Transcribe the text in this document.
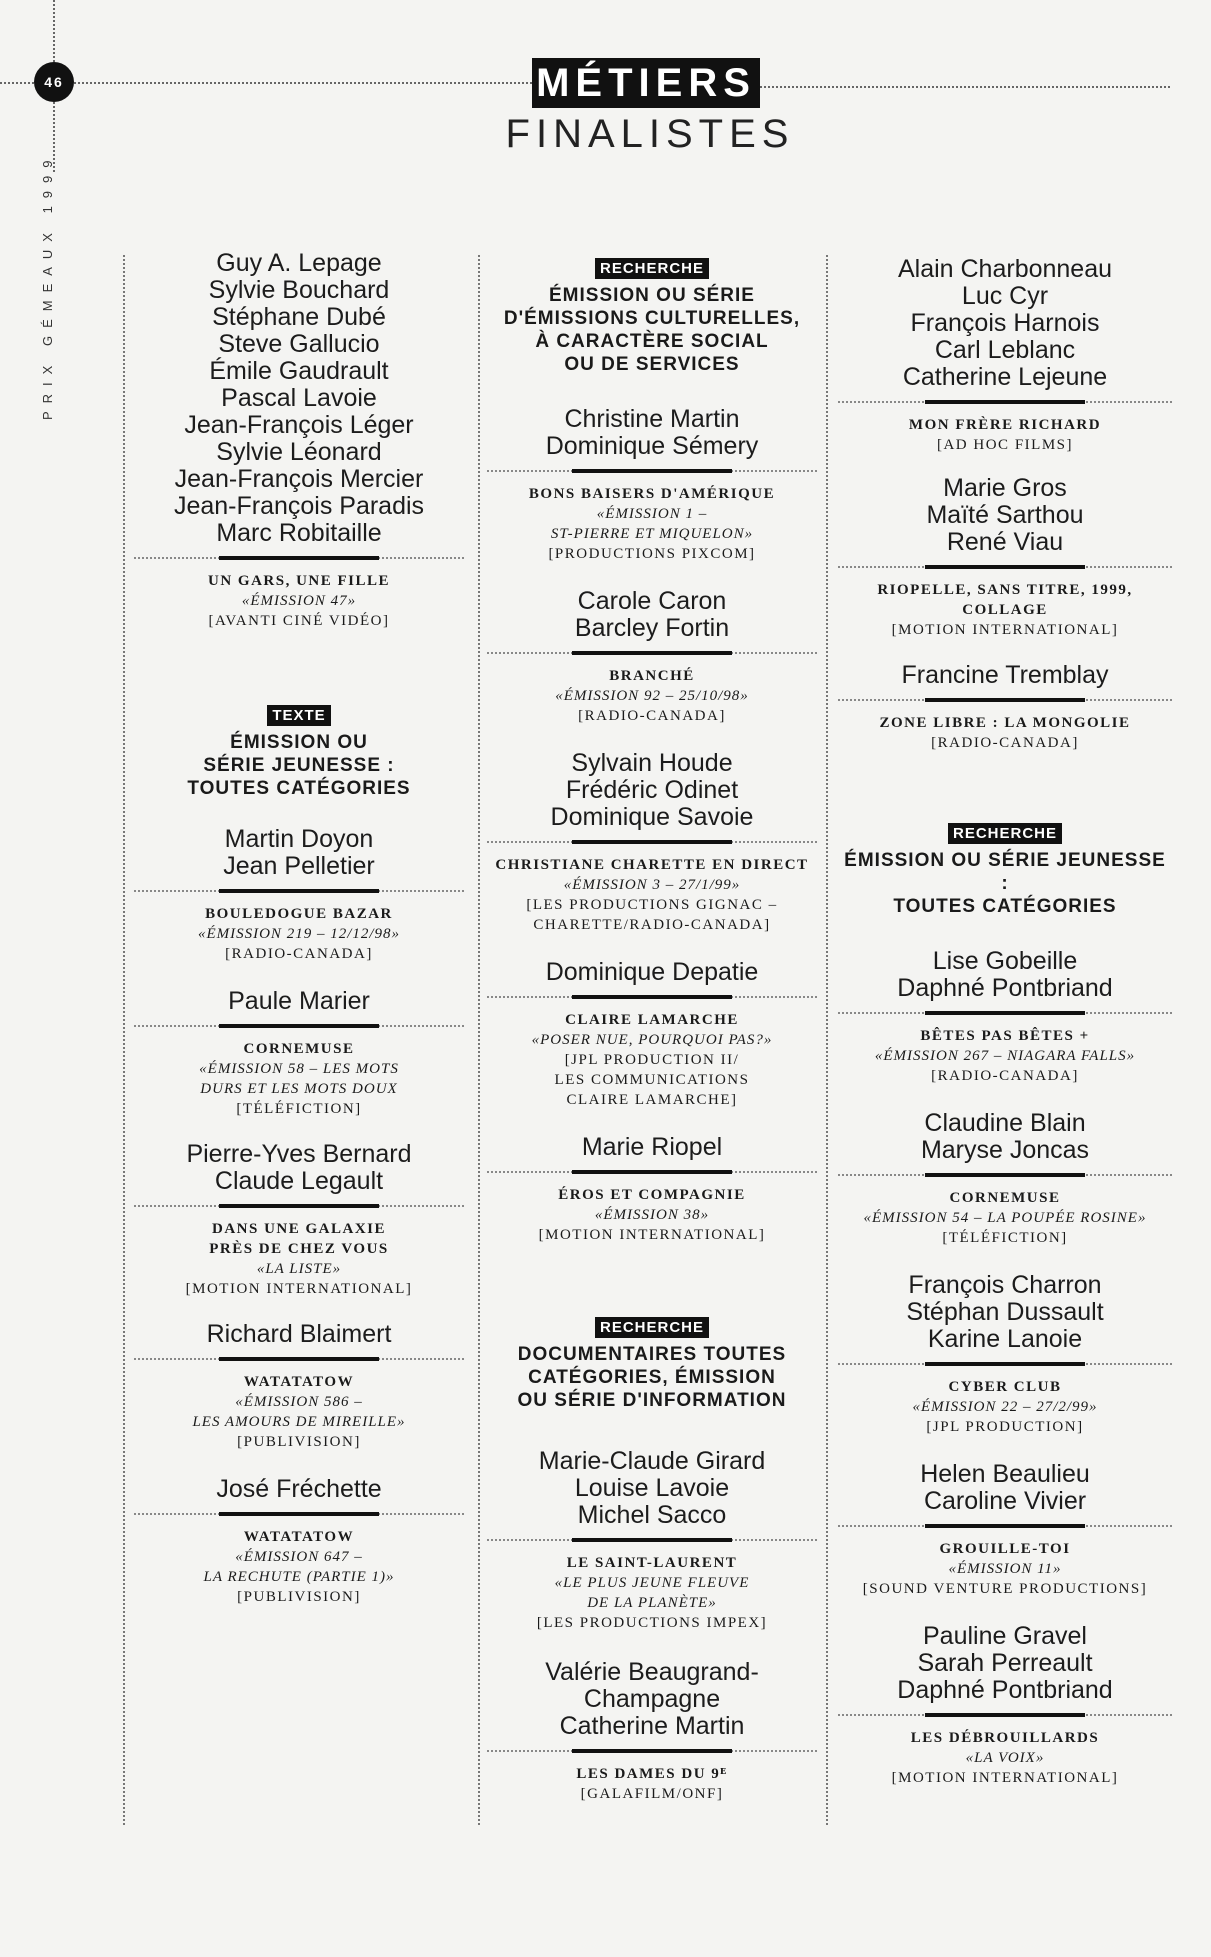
46
PRIX GÉMEAUX 1999
MÉTIERS
FINALISTES
Guy A. Lepage
Sylvie Bouchard
Stéphane Dubé
Steve Gallucio
Émile Gaudrault
Pascal Lavoie
Jean-François Léger
Sylvie Léonard
Jean-François Mercier
Jean-François Paradis
Marc Robitaille
UN GARS, UNE FILLE
«ÉMISSION 47»
[AVANTI CINÉ VIDÉO]
TEXTE
ÉMISSION OU
SÉRIE JEUNESSE :
TOUTES CATÉGORIES
Martin Doyon
Jean Pelletier
BOULEDOGUE BAZAR
«ÉMISSION 219 – 12/12/98»
[RADIO-CANADA]
Paule Marier
CORNEMUSE
«ÉMISSION 58 – LES MOTS
DURS ET LES MOTS DOUX
[TÉLÉFICTION]
Pierre-Yves Bernard
Claude Legault
DANS UNE GALAXIE
PRÈS DE CHEZ VOUS
«LA LISTE»
[MOTION INTERNATIONAL]
Richard Blaimert
WATATATOW
«ÉMISSION 586 –
LES AMOURS DE MIREILLE»
[PUBLIVISION]
José Fréchette
WATATATOW
«ÉMISSION 647 –
LA RECHUTE (PARTIE 1)»
[PUBLIVISION]
RECHERCHE
ÉMISSION OU SÉRIE
D'ÉMISSIONS CULTURELLES,
À CARACTÈRE SOCIAL
OU DE SERVICES
Christine Martin
Dominique Sémery
BONS BAISERS D'AMÉRIQUE
«ÉMISSION 1 –
ST-PIERRE ET MIQUELON»
[PRODUCTIONS PIXCOM]
Carole Caron
Barcley Fortin
BRANCHÉ
«ÉMISSION 92 – 25/10/98»
[RADIO-CANADA]
Sylvain Houde
Frédéric Odinet
Dominique Savoie
CHRISTIANE CHARETTE EN DIRECT
«ÉMISSION 3 – 27/1/99»
[LES PRODUCTIONS GIGNAC –
CHARETTE/RADIO-CANADA]
Dominique Depatie
CLAIRE LAMARCHE
«POSER NUE, POURQUOI PAS?»
[JPL PRODUCTION II/
LES COMMUNICATIONS
CLAIRE LAMARCHE]
Marie Riopel
ÉROS ET COMPAGNIE
«ÉMISSION 38»
[MOTION INTERNATIONAL]
RECHERCHE
DOCUMENTAIRES TOUTES
CATÉGORIES, ÉMISSION
OU SÉRIE D'INFORMATION
Marie-Claude Girard
Louise Lavoie
Michel Sacco
LE SAINT-LAURENT
«LE PLUS JEUNE FLEUVE
DE LA PLANÈTE»
[LES PRODUCTIONS IMPEX]
Valérie Beaugrand-
Champagne
Catherine Martin
LES DAMES DU 9ᴱ
[GALAFILM/ONF]
Alain Charbonneau
Luc Cyr
François Harnois
Carl Leblanc
Catherine Lejeune
MON FRÈRE RICHARD
[AD HOC FILMS]
Marie Gros
Maïté Sarthou
René Viau
RIOPELLE, SANS TITRE, 1999, COLLAGE
[MOTION INTERNATIONAL]
Francine Tremblay
ZONE LIBRE : LA MONGOLIE
[RADIO-CANADA]
RECHERCHE
ÉMISSION OU SÉRIE JEUNESSE :
TOUTES CATÉGORIES
Lise Gobeille
Daphné Pontbriand
BÊTES PAS BÊTES +
«ÉMISSION 267 – NIAGARA FALLS»
[RADIO-CANADA]
Claudine Blain
Maryse Joncas
CORNEMUSE
«ÉMISSION 54 – LA POUPÉE ROSINE»
[TÉLÉFICTION]
François Charron
Stéphan Dussault
Karine Lanoie
CYBER CLUB
«ÉMISSION 22 – 27/2/99»
[JPL PRODUCTION]
Helen Beaulieu
Caroline Vivier
GROUILLE-TOI
«ÉMISSION 11»
[SOUND VENTURE PRODUCTIONS]
Pauline Gravel
Sarah Perreault
Daphné Pontbriand
LES DÉBROUILLARDS
«LA VOIX»
[MOTION INTERNATIONAL]
